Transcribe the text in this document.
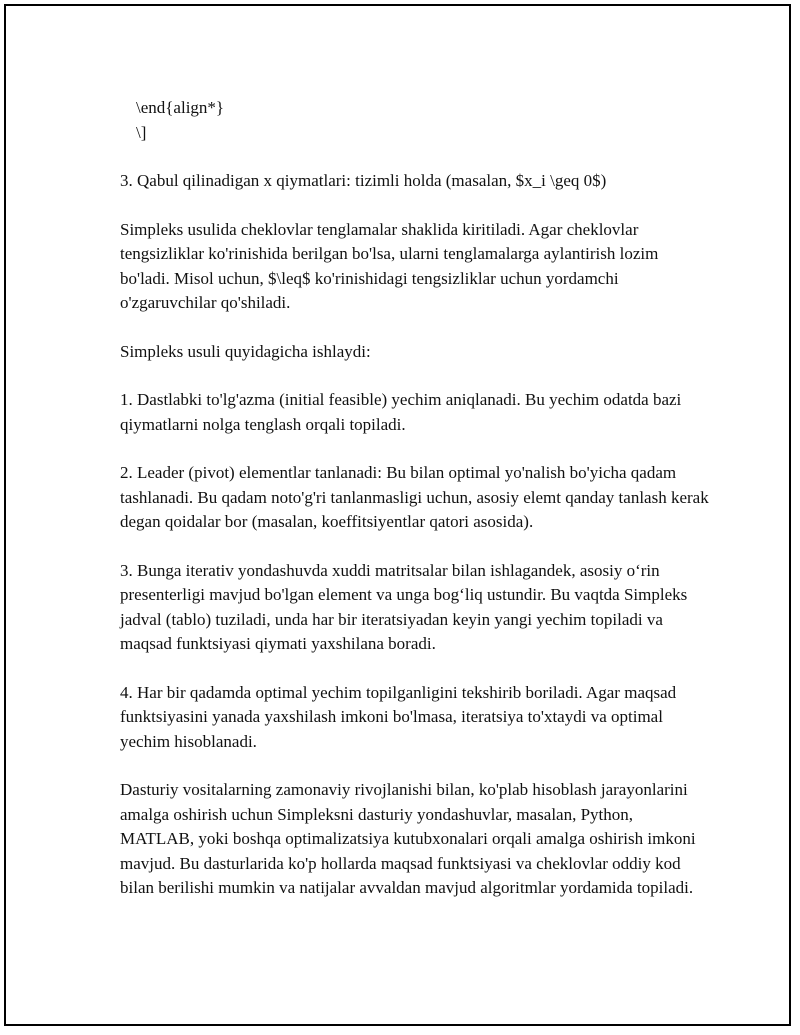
\end{align*}

\]

3. Qabul qilinadigan x qiymatlari: tizimli holda (masalan, $x_i \geq 0$)

Simpleks usulida cheklovlar tenglamalar shaklida kiritiladi. Agar cheklovlar tengsizliklar ko'rinishida berilgan bo'lsa, ularni tenglamalarga aylantirish lozim bo'ladi. Misol uchun, $\leq$ ko'rinishidagi tengsizliklar uchun yordamchi o'zgaruvchilar qo'shiladi.

Simpleks usuli quyidagicha ishlaydi:

1. Dastlabki to'lg'azma (initial feasible) yechim aniqlanadi. Bu yechim odatda bazi qiymatlarni nolga tenglash orqali topiladi.

2. Leader (pivot) elementlar tanlanadi: Bu bilan optimal yo'nalish bo'yicha qadam tashlanadi. Bu qadam noto'g'ri tanlanmasligi uchun, asosiy elemt qanday tanlash kerak degan qoidalar bor (masalan, koeffitsiyentlar qatori asosida).

3. Bunga iterativ yondashuvda xuddi matritsalar bilan ishlagandek, asosiy o‘rin presenterligi mavjud bo'lgan element va unga bog‘liq ustundir. Bu vaqtda Simpleks jadval (tablo) tuziladi, unda har bir iteratsiyadan keyin yangi yechim topiladi va maqsad funktsiyasi qiymati yaxshilana boradi.

4. Har bir qadamda optimal yechim topilganligini tekshirib boriladi. Agar maqsad funktsiyasini yanada yaxshilash imkoni bo'lmasa, iteratsiya to'xtaydi va optimal yechim hisoblanadi.

Dasturiy vositalarning zamonaviy rivojlanishi bilan, ko'plab hisoblash jarayonlarini amalga oshirish uchun Simpleksni dasturiy yondashuvlar, masalan, Python, MATLAB, yoki boshqa optimalizatsiya kutubxonalari orqali amalga oshirish imkoni mavjud. Bu dasturlarida ko'p hollarda maqsad funktsiyasi va cheklovlar oddiy kod bilan berilishi mumkin va natijalar avvaldan mavjud algoritmlar yordamida topiladi.
